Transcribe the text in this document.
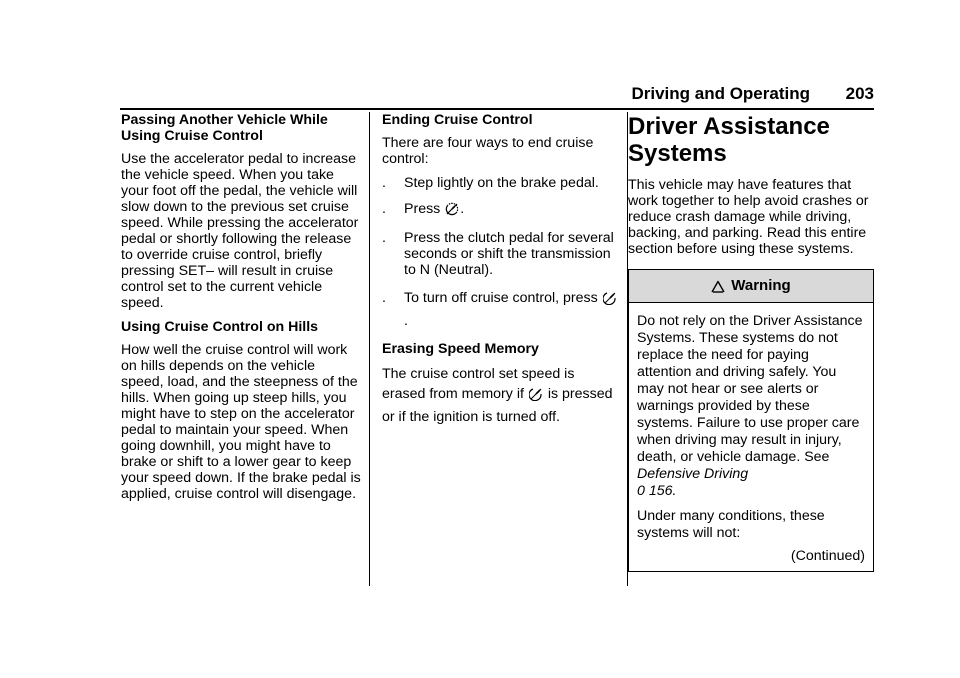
Driving and Operating 203
Passing Another Vehicle While Using Cruise Control
Use the accelerator pedal to increase the vehicle speed. When you take your foot off the pedal, the vehicle will slow down to the previous set cruise speed. While pressing the accelerator pedal or shortly following the release to override cruise control, briefly pressing SET– will result in cruise control set to the current vehicle speed.
Using Cruise Control on Hills
How well the cruise control will work on hills depends on the vehicle speed, load, and the steepness of the hills. When going up steep hills, you might have to step on the accelerator pedal to maintain your speed. When going downhill, you might have to brake or shift to a lower gear to keep your speed down. If the brake pedal is applied, cruise control will disengage.
Ending Cruise Control
There are four ways to end cruise control:
. Step lightly on the brake pedal.
. Press .
. Press the clutch pedal for several seconds or shift the transmission to N (Neutral).
. To turn off cruise control, press .
Erasing Speed Memory
The cruise control set speed is erased from memory if is pressed or if the ignition is turned off.
Driver Assistance Systems
This vehicle may have features that work together to help avoid crashes or reduce crash damage while driving, backing, and parking. Read this entire section before using these systems.
Warning
Do not rely on the Driver Assistance Systems. These systems do not replace the need for paying attention and driving safely. You may not hear or see alerts or warnings provided by these systems. Failure to use proper care when driving may result in injury, death, or vehicle damage. See Defensive Driving
0 156.
Under many conditions, these systems will not:
(Continued)
